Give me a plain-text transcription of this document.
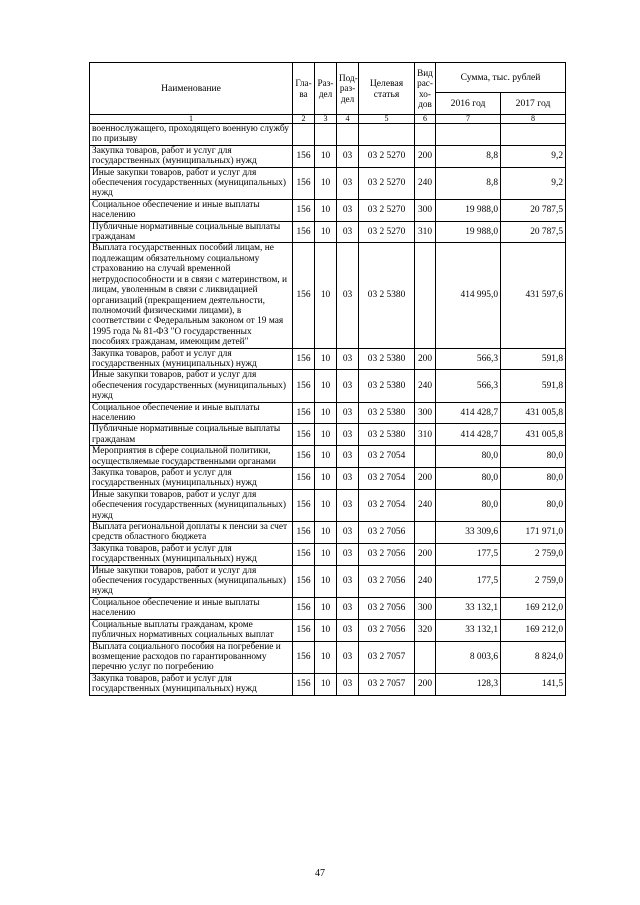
Наименование	Гла-ва	Раз-дел	Под-раз-дел	Целевая статья	Вид рас-хо-дов	Сумма, тыс. рублей	
						2016 год	2017 год
1	2	3	4	5	6	7	8
военнослужащего, проходящего военную службу по призыву							
Закупка товаров, работ и услуг для государственных (муниципальных) нужд	156	10	03	03 2 5270	200	8,8	9,2
Иные закупки товаров, работ и услуг для обеспечения государственных (муниципальных) нужд	156	10	03	03 2 5270	240	8,8	9,2
Социальное обеспечение и иные выплаты населению	156	10	03	03 2 5270	300	19 988,0	20 787,5
Публичные нормативные социальные выплаты гражданам	156	10	03	03 2 5270	310	19 988,0	20 787,5
Выплата государственных пособий лицам, не подлежащим обязательному социальному страхованию на случай временной нетрудоспособности и в связи с материнством, и лицам, уволенным в связи с ликвидацией организаций (прекращением деятельности, полномочий физическими лицами), в соответствии с Федеральным законом от 19 мая 1995 года № 81-ФЗ "О государственных пособиях гражданам, имеющим детей"	156	10	03	03 2 5380		414 995,0	431 597,6
Закупка товаров, работ и услуг для государственных (муниципальных) нужд	156	10	03	03 2 5380	200	566,3	591,8
Иные закупки товаров, работ и услуг для обеспечения государственных (муниципальных) нужд	156	10	03	03 2 5380	240	566,3	591,8
Социальное обеспечение и иные выплаты населению	156	10	03	03 2 5380	300	414 428,7	431 005,8
Публичные нормативные социальные выплаты гражданам	156	10	03	03 2 5380	310	414 428,7	431 005,8
Мероприятия в сфере социальной политики, осуществляемые государственными органами	156	10	03	03 2 7054		80,0	80,0
Закупка товаров, работ и услуг для государственных (муниципальных) нужд	156	10	03	03 2 7054	200	80,0	80,0
Иные закупки товаров, работ и услуг для обеспечения государственных (муниципальных) нужд	156	10	03	03 2 7054	240	80,0	80,0
Выплата региональной доплаты к пенсии за счет средств областного бюджета	156	10	03	03 2 7056		33 309,6	171 971,0
Закупка товаров, работ и услуг для государственных (муниципальных) нужд	156	10	03	03 2 7056	200	177,5	2 759,0
Иные закупки товаров, работ и услуг для обеспечения государственных (муниципальных) нужд	156	10	03	03 2 7056	240	177,5	2 759,0
Социальное обеспечение и иные выплаты населению	156	10	03	03 2 7056	300	33 132,1	169 212,0
Социальные выплаты гражданам, кроме публичных нормативных социальных выплат	156	10	03	03 2 7056	320	33 132,1	169 212,0
Выплата социального пособия на погребение и возмещение расходов по гарантированному перечню услуг по погребению	156	10	03	03 2 7057		8 003,6	8 824,0
Закупка товаров, работ и услуг для государственных (муниципальных) нужд	156	10	03	03 2 7057	200	128,3	141,5
47
